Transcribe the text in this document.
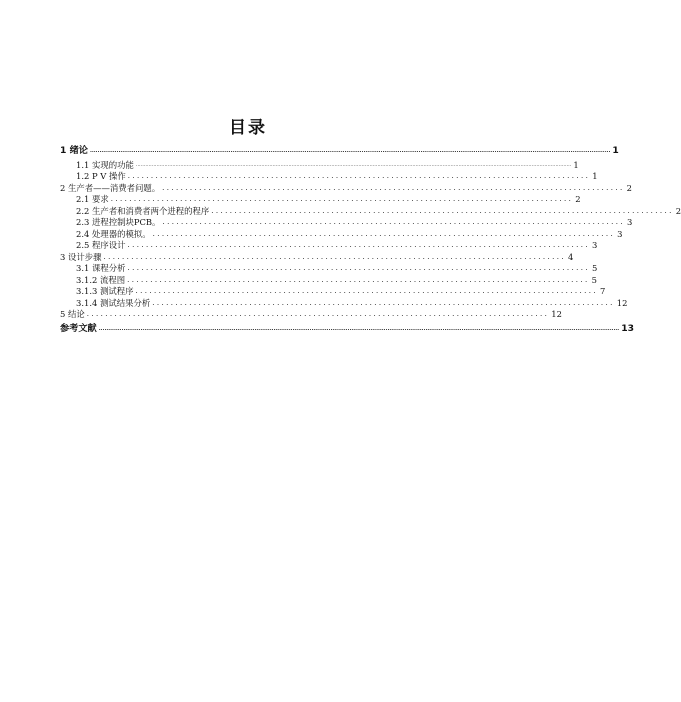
目录
1 绪论 .................................................................................................................................................................................................................................................................................. 1
1.1 实现的功能 .................................................................................................................................................................................................................................................................................. 1
1.2 P V 操作 .................................................................................................... 1
2 生产者——消费者问题。 .................................................................................................... 2
2.1 要求 .................................................................................................... 2
2.2 生产者和消费者两个进程的程序 .................................................................................................... 2
2.3 进程控制块PCB。 .................................................................................................... 3
2.4 处理器的模拟。 .................................................................................................... 3
2.5 程序设计 .................................................................................................... 3
3 设计步骤 .................................................................................................... 4
3.1 课程分析 .................................................................................................... 5
3.1.2 流程图 .................................................................................................... 5
3.1.3 测试程序 .................................................................................................... 7
3.1.4 测试结果分析 .................................................................................................... 12
5 结论 .................................................................................................... 12
参考文献 .................................................................................................................................................................................................................................................................................. 13
